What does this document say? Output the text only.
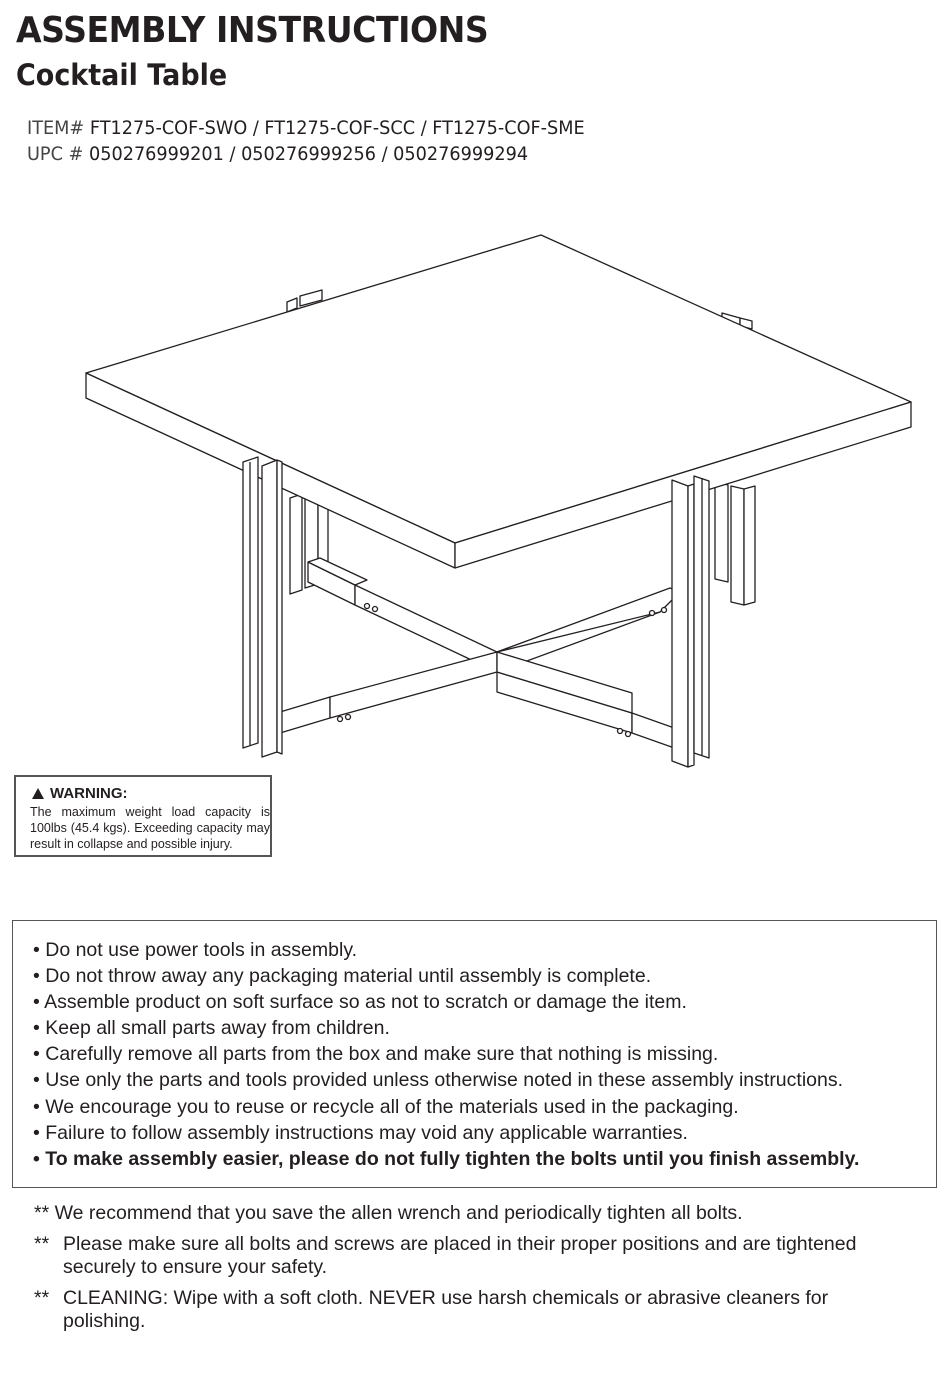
ASSEMBLY INSTRUCTIONS
Cocktail Table
ITEM# FT1275-COF-SWO / FT1275-COF-SCC / FT1275-COF-SME
UPC # 050276999201 / 050276999256 / 050276999294
WARNING:
The maximum weight load capacity is 100lbs (45.4 kgs). Exceeding capacity may result in collapse and possible injury.
• Do not use power tools in assembly.
• Do not throw away any packaging material until assembly is complete.
• Assemble product on soft surface so as not to scratch or damage the item.
• Keep all small parts away from children.
• Carefully remove all parts from the box and make sure that nothing is missing.
• Use only the parts and tools provided unless otherwise noted in these assembly instructions.
• We encourage you to reuse or recycle all of the materials used in the packaging.
• Failure to follow assembly instructions may void any applicable warranties.
• To make assembly easier, please do not fully tighten the bolts until you finish assembly.
**
We recommend that you save the allen wrench and periodically tighten all bolts.
** Please make sure all bolts and screws are placed in their proper positions and are tightened securely to ensure your safety.
** CLEANING: Wipe with a soft cloth. NEVER use harsh chemicals or abrasive cleaners for polishing.
